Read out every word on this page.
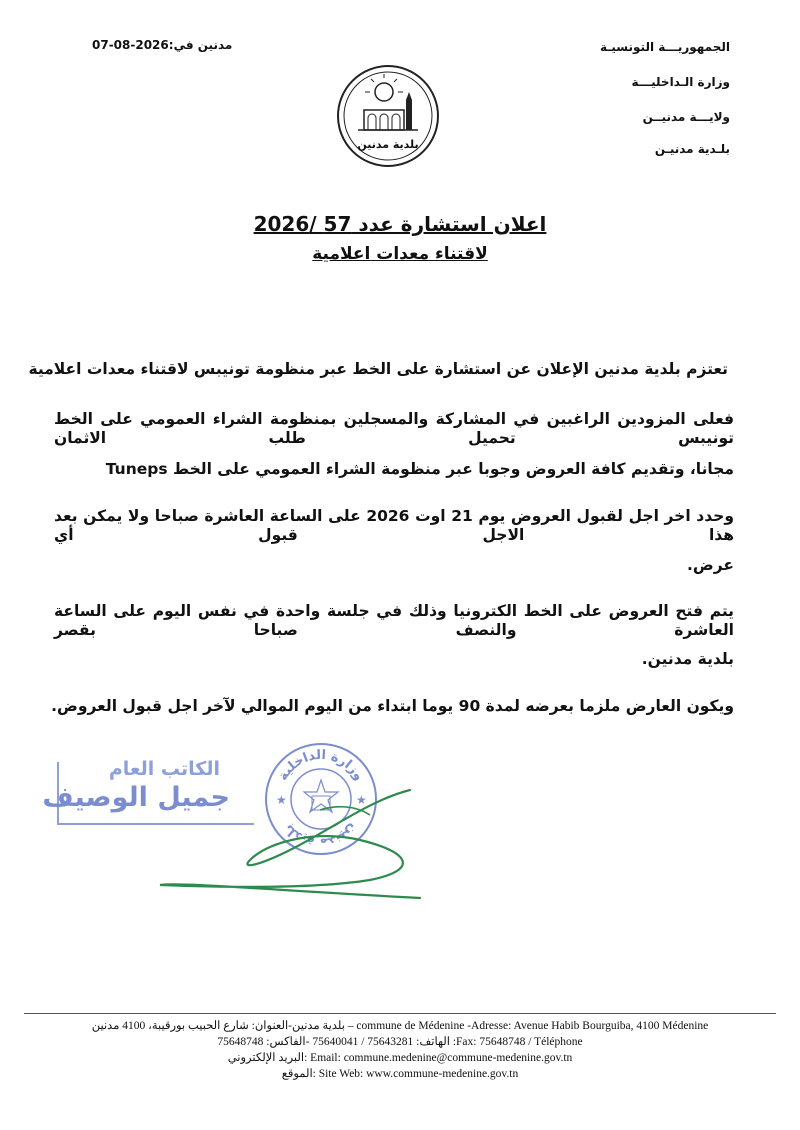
الجمهوريـــة التونسيـة
وزارة الـداخليـــة
ولايـــة مدنيــن
بلـدية مدنيـن
07-08-2026مدنين في:
بلدية مدنين
اعلان استشارة عدد 57 /2026
لاقتناء معدات اعلامية
تعتزم بلدية مدنين الإعلان عن استشارة على الخط عبر منظومة تونيبس لاقتناء معدات اعلامية
فعلى المزودين الراغبين في المشاركة والمسجلين بمنظومة الشراء العمومي على الخط تونيبس تحميل طلب الاثمان
مجانا، وتقديم كافة العروض وجوبا عبر منظومة الشراء العمومي على الخط Tuneps
وحدد اخر اجل لقبول العروض يوم 21 اوت 2026 على الساعة العاشرة صباحا ولا يمكن بعد هذا الاجل قبول أي
عرض.
يتم فتح العروض على الخط الكترونيا وذلك في جلسة واحدة في نفس اليوم على الساعة العاشرة والنصف صباحا بقصر
بلدية مدنين.
ويكون العارض ملزما بعرضه لمدة 90 يوما ابتداء من اليوم الموالي لآخر اجل قبول العروض.
الكاتب العام
جميل الوصيف
وزارة الداخلية
بلدية مدنين
★	★
بلدية مدنين-العنوان: شارع الحبيب بورقيبة، 4100 مدنين – commune de Médenine -Adresse: Avenue Habib Bourguiba, 4100 Médenine
الهاتف: 75643281 / 75640041 -الفاكس: 75648748 :Fax: 75648748 / Téléphone
البريد الإلكتروني: Email: commune.medenine@commune-medenine.gov.tn
الموقع: Site Web: www.commune-medenine.gov.tn
